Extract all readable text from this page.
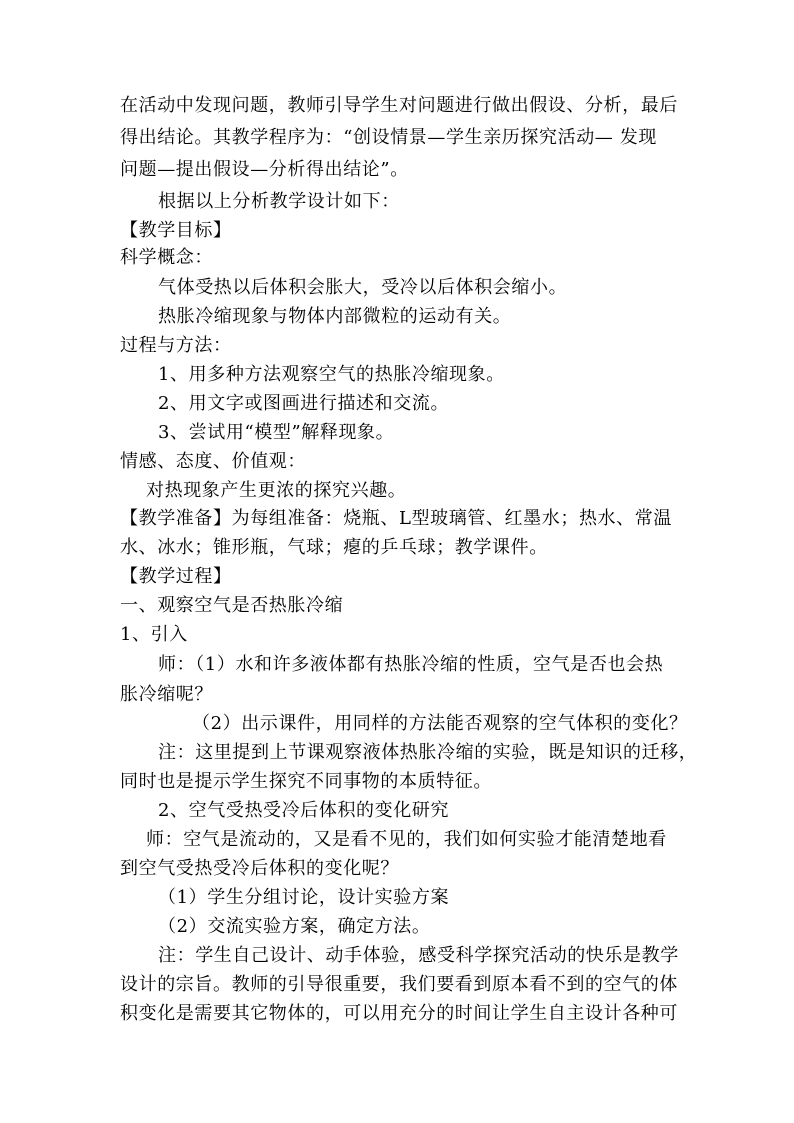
在活动中发现问题，教师引导学生对问题进行做出假设、分析，最后
得出结论。其教学程序为：“创设情景—学生亲历探究活动— 发现
问题—提出假设—分析得出结论”。
根据以上分析教学设计如下：
【教学目标】
科学概念：
气体受热以后体积会胀大，受冷以后体积会缩小。
热胀冷缩现象与物体内部微粒的运动有关。
过程与方法：
1、用多种方法观察空气的热胀冷缩现象。
2、用文字或图画进行描述和交流。
3、尝试用“模型”解释现象。
情感、态度、价值观：
对热现象产生更浓的探究兴趣。
【教学准备】为每组准备：烧瓶、L型玻璃管、红墨水；热水、常温
水、冰水；锥形瓶，气球；瘪的乒乓球；教学课件。
【教学过程】
一、观察空气是否热胀冷缩
1、引入
师：（1）水和许多液体都有热胀冷缩的性质，空气是否也会热
胀冷缩呢？
（2）出示课件，用同样的方法能否观察的空气体积的变化？
注：这里提到上节课观察液体热胀冷缩的实验，既是知识的迁移，
同时也是提示学生探究不同事物的本质特征。
2、空气受热受冷后体积的变化研究
师：空气是流动的，又是看不见的，我们如何实验才能清楚地看
到空气受热受冷后体积的变化呢？
（1）学生分组讨论，设计实验方案
（2）交流实验方案，确定方法。
注：学生自己设计、动手体验，感受科学探究活动的快乐是教学
设计的宗旨。教师的引导很重要，我们要看到原本看不到的空气的体
积变化是需要其它物体的，可以用充分的时间让学生自主设计各种可
